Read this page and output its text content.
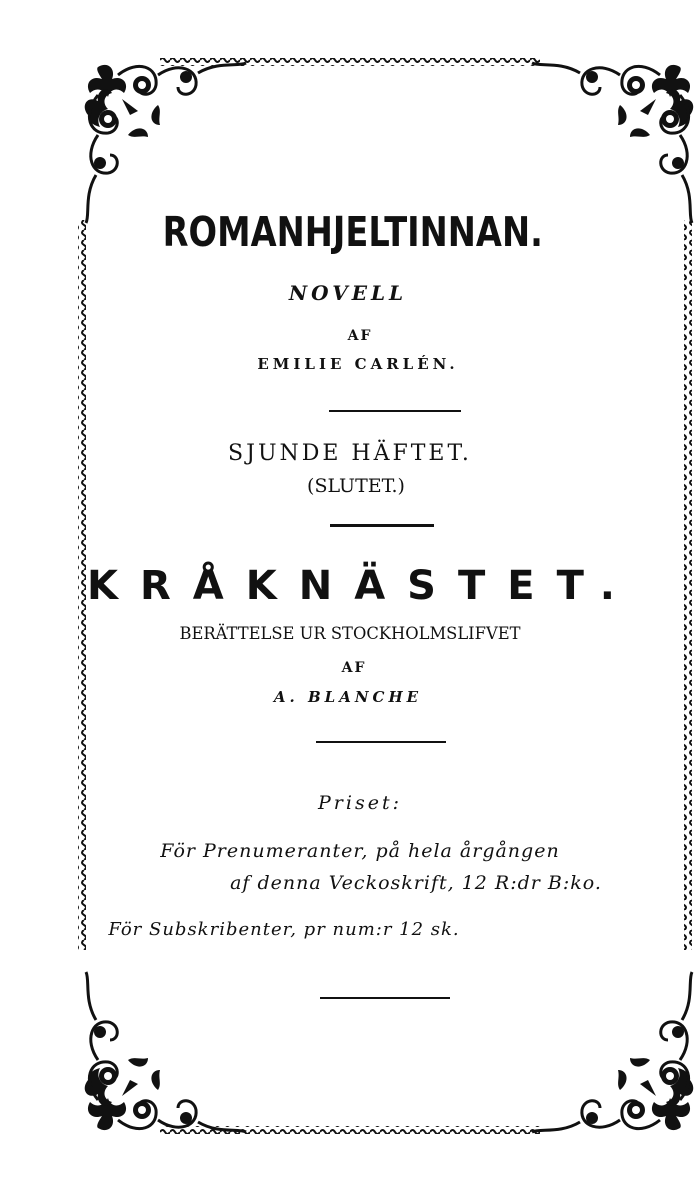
ROMANHJELTINNAN.
NOVELL
AF
EMILIE CARLÉN.
SJUNDE HÄFTET.
(SLUTET.)
KRÅKNÄSTET.
BERÄTTELSE UR STOCKHOLMSLIFVET
AF
A. BLANCHE
Priset:
För Prenumeranter, på hela årgången
af denna Veckoskrift, 12 R:dr B:ko.
För Subskribenter, pr num:r 12 sk.
